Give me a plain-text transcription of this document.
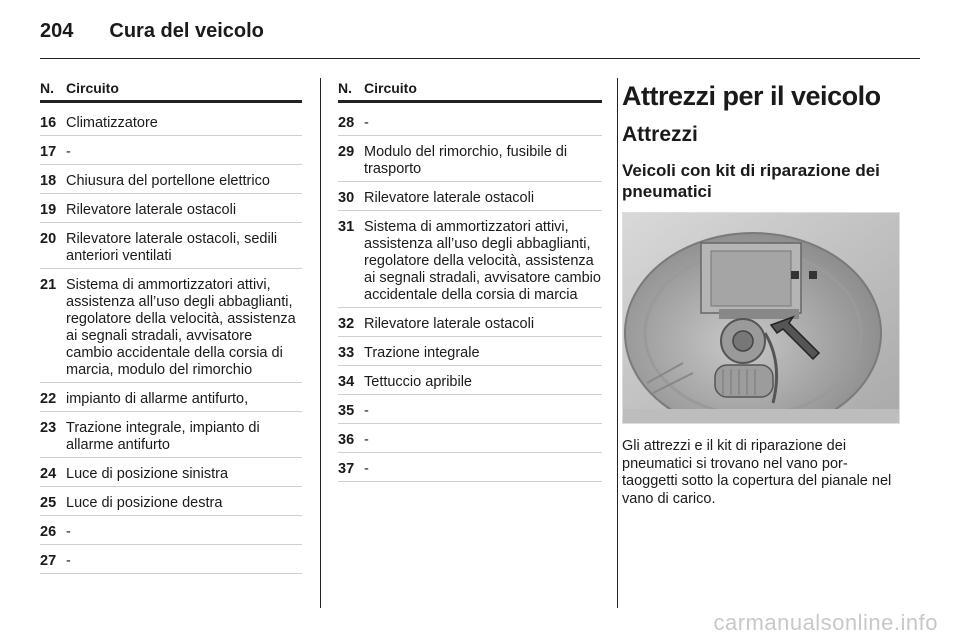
204 Cura del veicolo
N. Circuito
16 Climatizzatore
17 -
18 Chiusura del portellone elettrico
19 Rilevatore laterale ostacoli
20 Rilevatore laterale ostacoli, sedili anteriori ventilati
21 Sistema di ammortizzatori attivi, assistenza all’uso degli abbaglianti, regolatore della velocità, assistenza ai segnali stradali, avvisatore cambio accidentale della corsia di marcia, modulo del rimorchio
22 impianto di allarme antifurto,
23 Trazione integrale, impianto di allarme antifurto
24 Luce di posizione sinistra
25 Luce di posizione destra
26 -
27 -
N. Circuito
28 -
29 Modulo del rimorchio, fusibile di trasporto
30 Rilevatore laterale ostacoli
31 Sistema di ammortizzatori attivi, assistenza all’uso degli abbaglianti, regolatore della velocità, assistenza ai segnali stradali, avvisatore cambio accidentale della corsia di marcia
32 Rilevatore laterale ostacoli
33 Trazione integrale
34 Tettuccio apribile
35 -
36 -
37 -
Attrezzi per il veicolo
Attrezzi
Veicoli con kit di riparazione dei pneumatici
Gli attrezzi e il kit di riparazione dei pneumatici si trovano nel vano portaoggetti sotto la copertura del pianale nel vano di carico.
carmanualsonline.info
